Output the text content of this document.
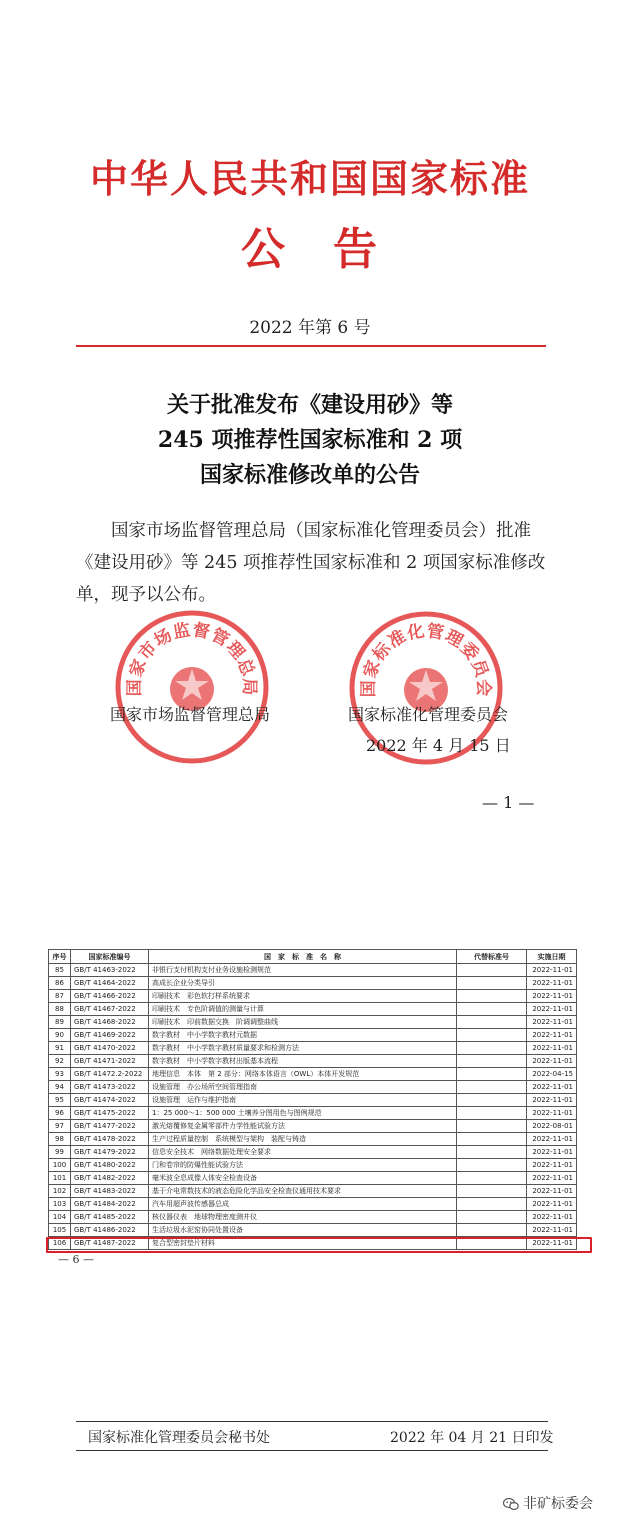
中华人民共和国国家标准
公　告
2022 年第 6 号
关于批准发布《建设用砂》等
245 项推荐性国家标准和 2 项
国家标准修改单的公告
国家市场监督管理总局（国家标准化管理委员会）批准《建设用砂》等 245 项推荐性国家标准和 2 项国家标准修改单，现予以公布。
国家市场监督管理总局	国家标准化管理委员会
国家市场监督管理总局	国家标准化管理委员会
2022 年 4 月 15 日
— 1 —
序号	国家标准编号	国　家　标　准　名　称	代替标准号	实施日期
85	GB/T 41463-2022	非银行支付机构支付业务设施检测规范		2022-11-01
86	GB/T 41464-2022	高成长企业分类导引		2022-11-01
87	GB/T 41466-2022	印刷技术　彩色软打样系统要求		2022-11-01
88	GB/T 41467-2022	印刷技术　专色阶调值的测量与计算		2022-11-01
89	GB/T 41468-2022	印刷技术　印前数据交换　阶调调整曲线		2022-11-01
90	GB/T 41469-2022	数字教材　中小学数字教材元数据		2022-11-01
91	GB/T 41470-2022	数字教材　中小学数字教材质量要求和检测方法		2022-11-01
92	GB/T 41471-2022	数字教材　中小学数字教材出版基本流程		2022-11-01
93	GB/T 41472.2-2022	地理信息　本体　第 2 部分：网络本体语言（OWL）本体开发规范		2022-04-15
94	GB/T 41473-2022	设施管理　办公场所空间管理指南		2022-11-01
95	GB/T 41474-2022	设施管理　运作与维护指南		2022-11-01
96	GB/T 41475-2022	1：25 000～1：500 000 土壤养分图用色与图例规范		2022-11-01
97	GB/T 41477-2022	激光熔覆修复金属零部件力学性能试验方法		2022-08-01
98	GB/T 41478-2022	生产过程质量控制　系统模型与架构　装配与铸造		2022-11-01
99	GB/T 41479-2022	信息安全技术　网络数据处理安全要求		2022-11-01
100	GB/T 41480-2022	门和卷帘的防爆性能试验方法		2022-11-01
101	GB/T 41482-2022	毫米波全息成像人体安全检查设备		2022-11-01
102	GB/T 41483-2022	基于介电常数技术的液态危险化学品安全检查仪通用技术要求		2022-11-01
103	GB/T 41484-2022	汽车用超声波传感器总成		2022-11-01
104	GB/T 41485-2022	核仪器仪表　地球物理密度测井仪		2022-11-01
105	GB/T 41486-2022	生活垃圾水泥窑协同处置设备		2022-11-01
106	GB/T 41487-2022	复合型密封垫片材料		2022-11-01
— 6 —
国家标准化管理委员会秘书处	2022 年 04 月 21 日印发
非矿标委会
